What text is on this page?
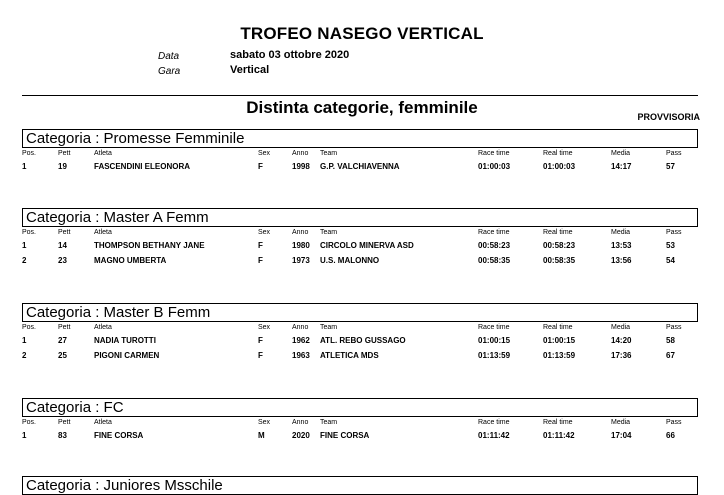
TROFEO NASEGO VERTICAL
Data	sabato 03 ottobre 2020
Gara	Vertical
Distinta categorie, femminile	PROVVISORIA
Categoria : Promesse Femminile
Pos.	Pett	Atleta	Sex	Anno Team	Race time	Real time	Media	Pass
1	19	FASCENDINI ELEONORA	F	1998 G.P. VALCHIAVENNA	01:00:03	01:00:03	14:17	57
Categoria : Master A Femm
Pos.	Pett	Atleta	Sex	Anno Team	Race time	Real time	Media	Pass
1	14	THOMPSON BETHANY JANE	F	1980 CIRCOLO MINERVA ASD	00:58:23	00:58:23	13:53	53
2	23	MAGNO UMBERTA	F	1973 U.S. MALONNO	00:58:35	00:58:35	13:56	54
Categoria : Master B Femm
Pos.	Pett	Atleta	Sex	Anno Team	Race time	Real time	Media	Pass
1	27	NADIA TUROTTI	F	1962 ATL. REBO GUSSAGO	01:00:15	01:00:15	14:20	58
2	25	PIGONI CARMEN	F	1963 ATLETICA MDS	01:13:59	01:13:59	17:36	67
Categoria : FC
Pos.	Pett	Atleta	Sex	Anno Team	Race time	Real time	Media	Pass
1	83	FINE CORSA	M	2020 FINE CORSA	01:11:42	01:11:42	17:04	66
Categoria : Juniores Msschile
